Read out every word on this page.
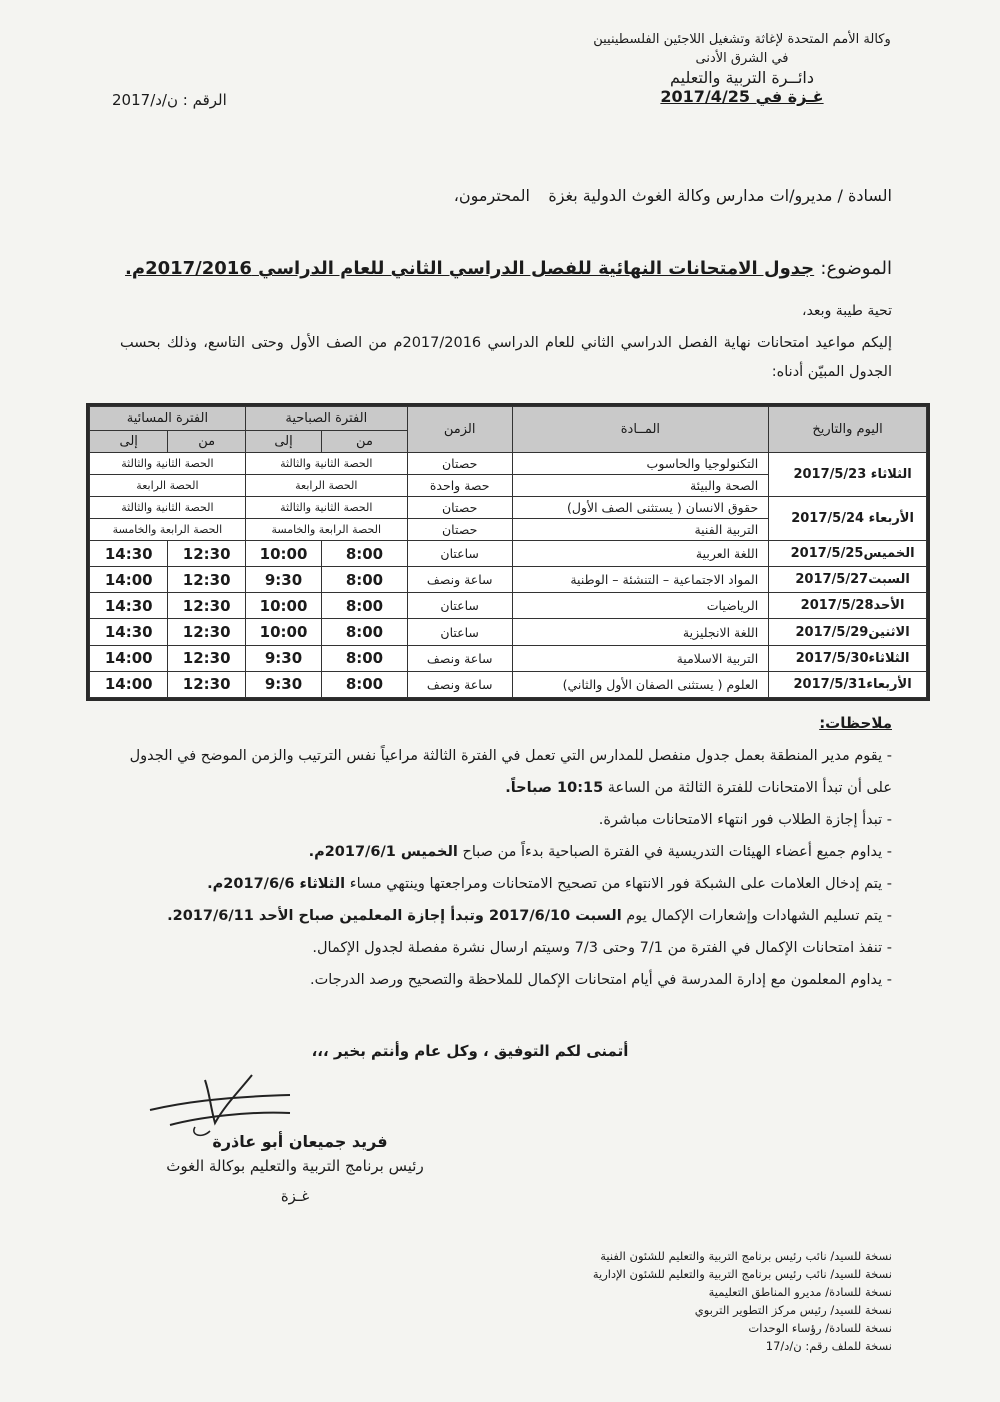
وكالة الأمم المتحدة لإغاثة وتشغيل اللاجئين الفلسطينيين
في الشرق الأدنى
دائــرة التربية والتعليم
غـزة في 2017/4/25
الرقم : ن/د/2017
السادة / مديرو/ات مدارس وكالة الغوث الدولية بغزة
المحترمون،
الموضوع: جدول الامتحانات النهائية للفصل الدراسي الثاني للعام الدراسي 2017/2016م.
تحية طيبة وبعد،
إليكم مواعيد امتحانات نهاية الفصل الدراسي الثاني للعام الدراسي 2017/2016م من الصف الأول وحتى التاسع، وذلك بحسب الجدول المبيّن أدناه:
اليوم والتاريخ	المــادة	الزمن	الفترة الصباحية		الفترة المسائية	
			من	إلى	من	إلى
الثلاثاء 2017/5/23	التكنولوجيا والحاسوب	حصتان	الحصة الثانية والثالثة		الحصة الثانية والثالثة	
	الصحة والبيئة	حصة واحدة	الحصة الرابعة		الحصة الرابعة	
الأربعاء 2017/5/24	حقوق الانسان ( يستثنى الصف الأول)	حصتان	الحصة الثانية والثالثة		الحصة الثانية والثالثة	
	التربية الفنية	حصتان	الحصة الرابعة والخامسة		الحصة الرابعة والخامسة	
الخميس2017/5/25	اللغة العربية	ساعتان	8:00	10:00	12:30	14:30
السبت2017/5/27	المواد الاجتماعية – التنشئة – الوطنية	ساعة ونصف	8:00	9:30	12:30	14:00
الأحد2017/5/28	الرياضيات	ساعتان	8:00	10:00	12:30	14:30
الاثنين2017/5/29	اللغة الانجليزية	ساعتان	8:00	10:00	12:30	14:30
الثلاثاء2017/5/30	التربية الاسلامية	ساعة ونصف	8:00	9:30	12:30	14:00
الأربعاء2017/5/31	العلوم ( يستثنى الصفان الأول والثاني)	ساعة ونصف	8:00	9:30	12:30	14:00
ملاحظات:
- يقوم مدير المنطقة بعمل جدول منفصل للمدارس التي تعمل في الفترة الثالثة مراعياً نفس الترتيب والزمن الموضح في الجدول على أن تبدأ الامتحانات للفترة الثالثة من الساعة 10:15 صباحاً.
- تبدأ إجازة الطلاب فور انتهاء الامتحانات مباشرة.
- يداوم جميع أعضاء الهيئات التدريسية في الفترة الصباحية بدءاً من صباح الخميس 2017/6/1م.
- يتم إدخال العلامات على الشبكة فور الانتهاء من تصحيح الامتحانات ومراجعتها وينتهي مساء الثلاثاء 2017/6/6م.
- يتم تسليم الشهادات وإشعارات الإكمال يوم السبت 2017/6/10 وتبدأ إجازة المعلمين صباح الأحد 2017/6/11.
- تنفذ امتحانات الإكمال في الفترة من 7/1 وحتى 7/3 وسيتم ارسال نشرة مفصلة لجدول الإكمال.
- يداوم المعلمون مع إدارة المدرسة في أيام امتحانات الإكمال للملاحظة والتصحيح ورصد الدرجات.
أتمنى لكم التوفيق ، وكل عام وأنتم بخير ،،،
فريد جميعان أبو عاذرة
رئيس برنامج التربية والتعليم بوكالة الغوث
غـزة
نسخة للسيد/ نائب رئيس برنامج التربية والتعليم للشئون الفنية
نسخة للسيد/ نائب رئيس برنامج التربية والتعليم للشئون الإدارية
نسخة للسادة/ مديرو المناطق التعليمية
نسخة للسيد/ رئيس مركز التطوير التربوي
نسخة للسادة/ رؤساء الوحدات
نسخة للملف رقم: ن/د/17
